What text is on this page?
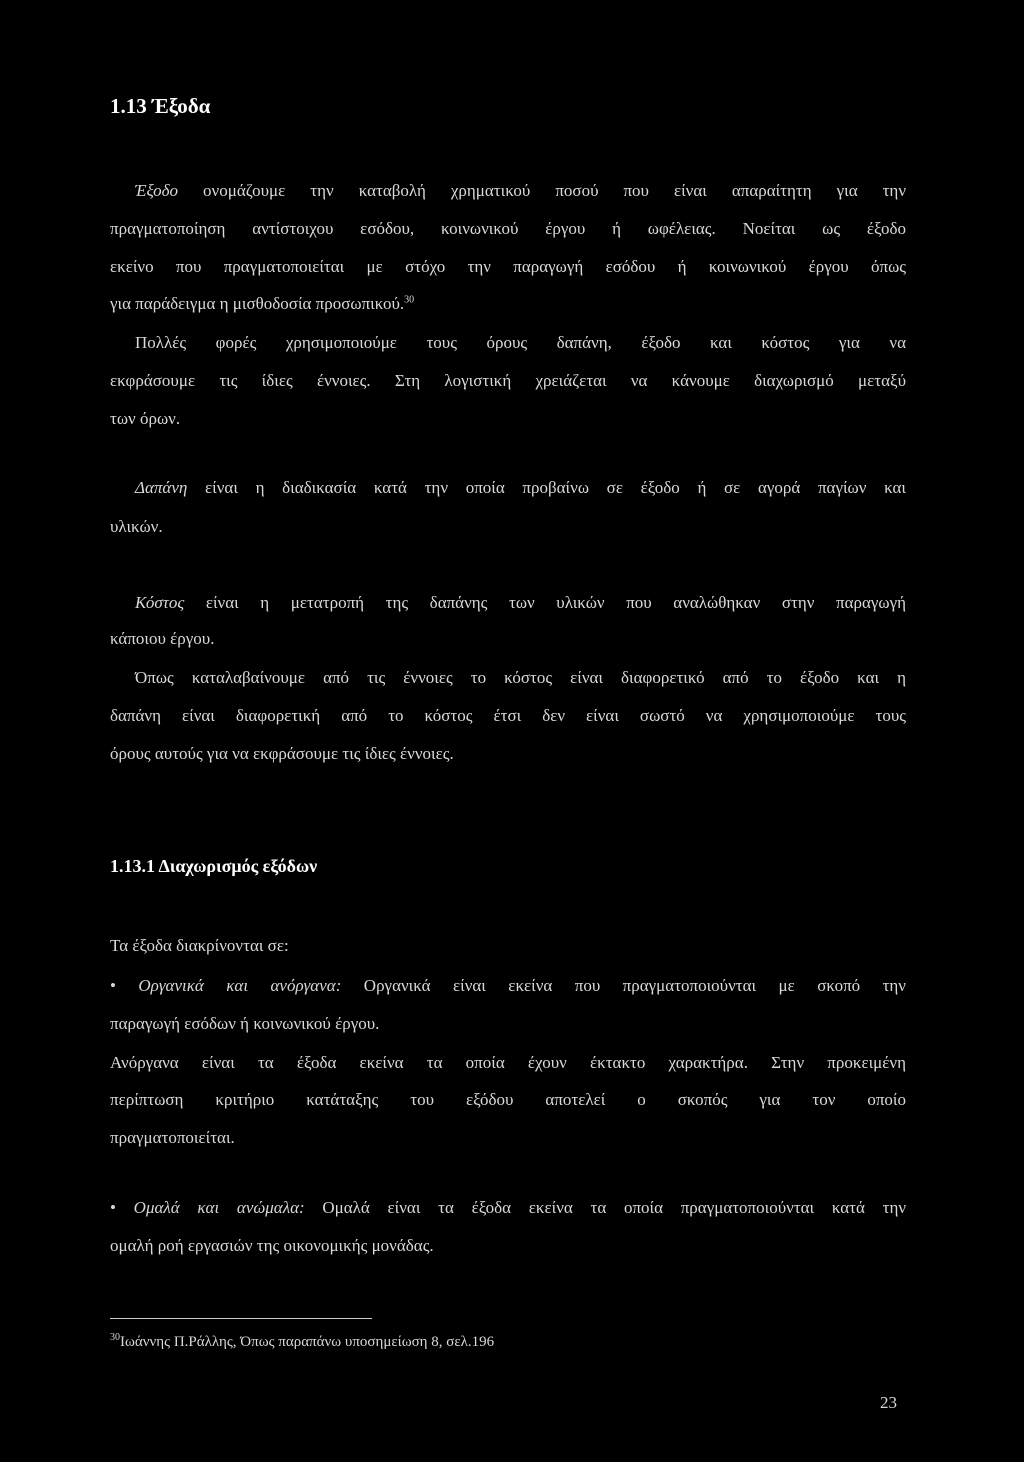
1.13 Έξοδα
Έξοδο ονομάζουμε την καταβολή χρηματικού ποσού που είναι απαραίτητη για την
πραγματοποίηση αντίστοιχου εσόδου, κοινωνικού έργου ή ωφέλειας. Νοείται ως έξοδο
εκείνο που πραγματοποιείται με στόχο την παραγωγή εσόδου ή κοινωνικού έργου όπως
για παράδειγμα η μισθοδοσία προσωπικού.$^{30}$
Πολλές φορές χρησιμοποιούμε τους όρους δαπάνη, έξοδο και κόστος για να
εκφράσουμε τις ίδιες έννοιες. Στη λογιστική χρειάζεται να κάνουμε διαχωρισμό μεταξύ
των όρων.
Δαπάνη είναι η διαδικασία κατά την οποία προβαίνω σε έξοδο ή σε αγορά παγίων και
υλικών.
Κόστος είναι η μετατροπή της δαπάνης των υλικών που αναλώθηκαν στην παραγωγή
κάποιου έργου.
Όπως καταλαβαίνουμε από τις έννοιες το κόστος είναι διαφορετικό από το έξοδο και η
δαπάνη είναι διαφορετική από το κόστος έτσι δεν είναι σωστό να χρησιμοποιούμε τους
όρους αυτούς για να εκφράσουμε τις ίδιες έννοιες.
1.13.1 Διαχωρισμός εξόδων
Τα έξοδα διακρίνονται σε:
• Οργανικά και ανόργανα: Οργανικά είναι εκείνα που πραγματοποιούνται με σκοπό την
παραγωγή εσόδων ή κοινωνικού έργου.
Ανόργανα είναι τα έξοδα εκείνα τα οποία έχουν έκτακτο χαρακτήρα. Στην προκειμένη
περίπτωση κριτήριο κατάταξης του εξόδου αποτελεί ο σκοπός για τον οποίο
πραγματοποιείται.
• Ομαλά και ανώμαλα: Ομαλά είναι τα έξοδα εκείνα τα οποία πραγματοποιούνται κατά την
ομαλή ροή εργασιών της οικονομικής μονάδας.
$^{30}$Ιωάννης Π.Ράλλης, Όπως παραπάνω υποσημείωση 8, σελ.196
23
